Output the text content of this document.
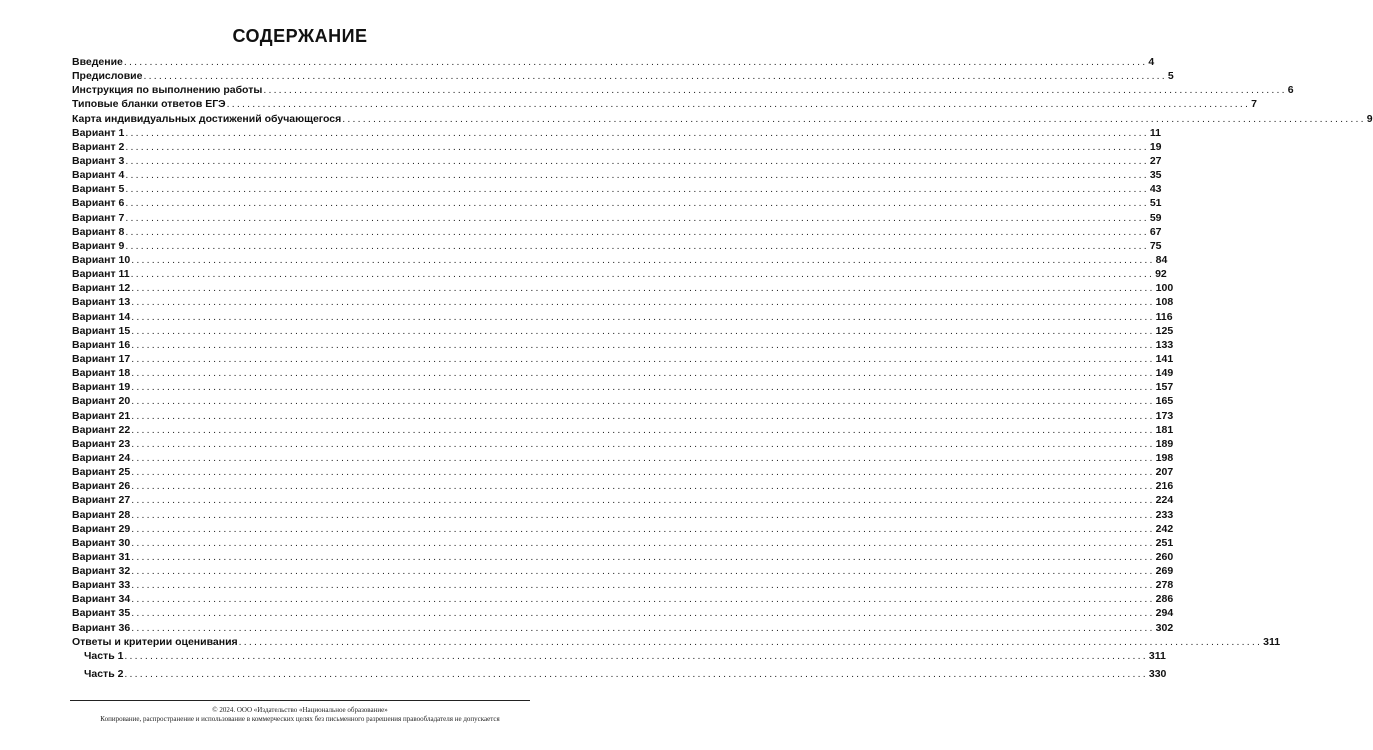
СОДЕРЖАНИЕ
Введение ........................................................................................................................................................................................................ 4
Предисловие ........................................................................................................................................................................................................ 5
Инструкция по выполнению работы ........................................................................................................................................................................................................ 6
Типовые бланки ответов ЕГЭ ........................................................................................................................................................................................................ 7
Карта индивидуальных достижений обучающегося ........................................................................................................................................................................................................ 9
Вариант 1 ........................................................................................................................................................................................................ 11
Вариант 2 ........................................................................................................................................................................................................ 19
Вариант 3 ........................................................................................................................................................................................................ 27
Вариант 4 ........................................................................................................................................................................................................ 35
Вариант 5 ........................................................................................................................................................................................................ 43
Вариант 6 ........................................................................................................................................................................................................ 51
Вариант 7 ........................................................................................................................................................................................................ 59
Вариант 8 ........................................................................................................................................................................................................ 67
Вариант 9 ........................................................................................................................................................................................................ 75
Вариант 10 ........................................................................................................................................................................................................ 84
Вариант 11 ........................................................................................................................................................................................................ 92
Вариант 12 ........................................................................................................................................................................................................ 100
Вариант 13 ........................................................................................................................................................................................................ 108
Вариант 14 ........................................................................................................................................................................................................ 116
Вариант 15 ........................................................................................................................................................................................................ 125
Вариант 16 ........................................................................................................................................................................................................ 133
Вариант 17 ........................................................................................................................................................................................................ 141
Вариант 18 ........................................................................................................................................................................................................ 149
Вариант 19 ........................................................................................................................................................................................................ 157
Вариант 20 ........................................................................................................................................................................................................ 165
Вариант 21 ........................................................................................................................................................................................................ 173
Вариант 22 ........................................................................................................................................................................................................ 181
Вариант 23 ........................................................................................................................................................................................................ 189
Вариант 24 ........................................................................................................................................................................................................ 198
Вариант 25 ........................................................................................................................................................................................................ 207
Вариант 26 ........................................................................................................................................................................................................ 216
Вариант 27 ........................................................................................................................................................................................................ 224
Вариант 28 ........................................................................................................................................................................................................ 233
Вариант 29 ........................................................................................................................................................................................................ 242
Вариант 30 ........................................................................................................................................................................................................ 251
Вариант 31 ........................................................................................................................................................................................................ 260
Вариант 32 ........................................................................................................................................................................................................ 269
Вариант 33 ........................................................................................................................................................................................................ 278
Вариант 34 ........................................................................................................................................................................................................ 286
Вариант 35 ........................................................................................................................................................................................................ 294
Вариант 36 ........................................................................................................................................................................................................ 302
Ответы и критерии оценивания ........................................................................................................................................................................................................ 311
Часть 1 ........................................................................................................................................................................................................ 311
Часть 2 ........................................................................................................................................................................................................ 330
© 2024. ООО «Издательство «Национальное образование»
Копирование, распространение и использование в коммерческих целях без письменного разрешения правообладателя не допускается
